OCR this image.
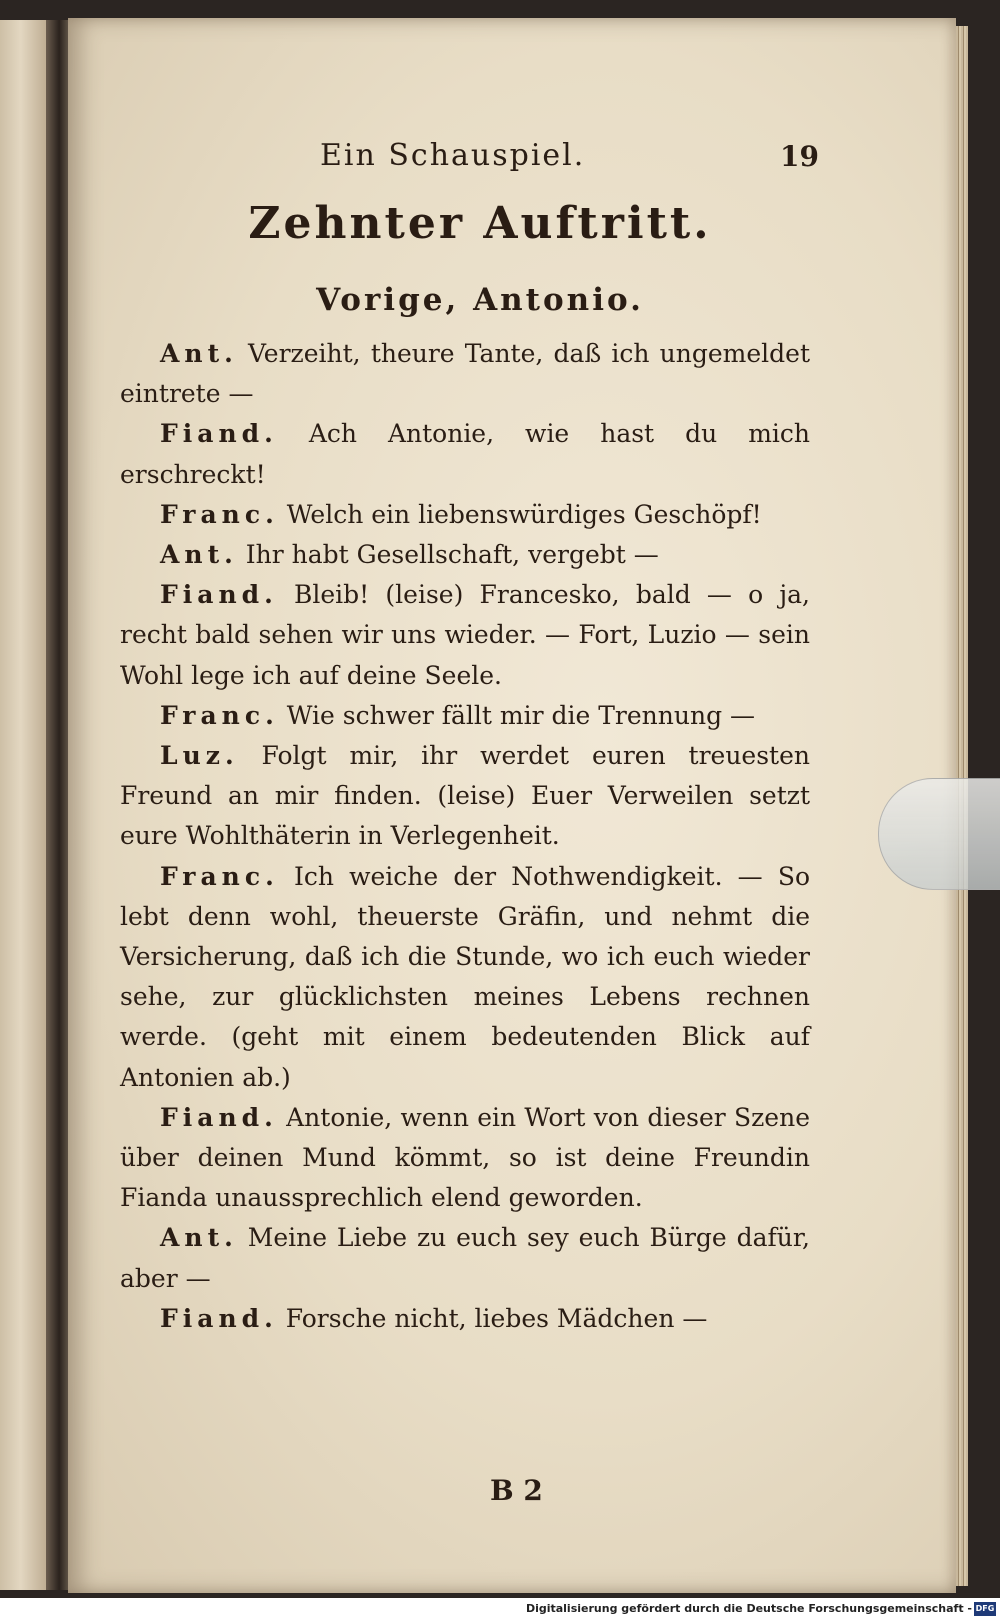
Ein Schauspiel.	19
Zehnter Auftritt.
Vorige, Antonio.

Ant. Verzeiht, theure Tante, daß ich ungemeldet eintrete —

Fiand. Ach Antonie, wie hast du mich erschreckt!

Franc. Welch ein liebenswürdiges Geschöpf!

Ant. Ihr habt Gesellschaft, vergebt —

Fiand. Bleib! (leise) Francesko, bald — o ja, recht bald sehen wir uns wieder. — Fort, Luzio — sein Wohl lege ich auf deine Seele.

Franc. Wie schwer fällt mir die Trennung —

Luz. Folgt mir, ihr werdet euren treuesten Freund an mir finden. (leise) Euer Verweilen setzt eure Wohlthäterin in Verlegenheit.

Franc. Ich weiche der Nothwendigkeit. — So lebt denn wohl, theuerste Gräfin, und nehmt die Versicherung, daß ich die Stunde, wo ich euch wieder sehe, zur glücklichsten meines Lebens rechnen werde. (geht mit einem bedeutenden Blick auf Antonien ab.)

Fiand. Antonie, wenn ein Wort von dieser Szene über deinen Mund kömmt, so ist deine Freundin Fianda unaussprechlich elend geworden.

Ant. Meine Liebe zu euch sey euch Bürge dafür, aber —

Fiand. Forsche nicht, liebes Mädchen —

B 2
Digitalisierung gefördert durch die Deutsche Forschungsgemeinschaft - DFG
